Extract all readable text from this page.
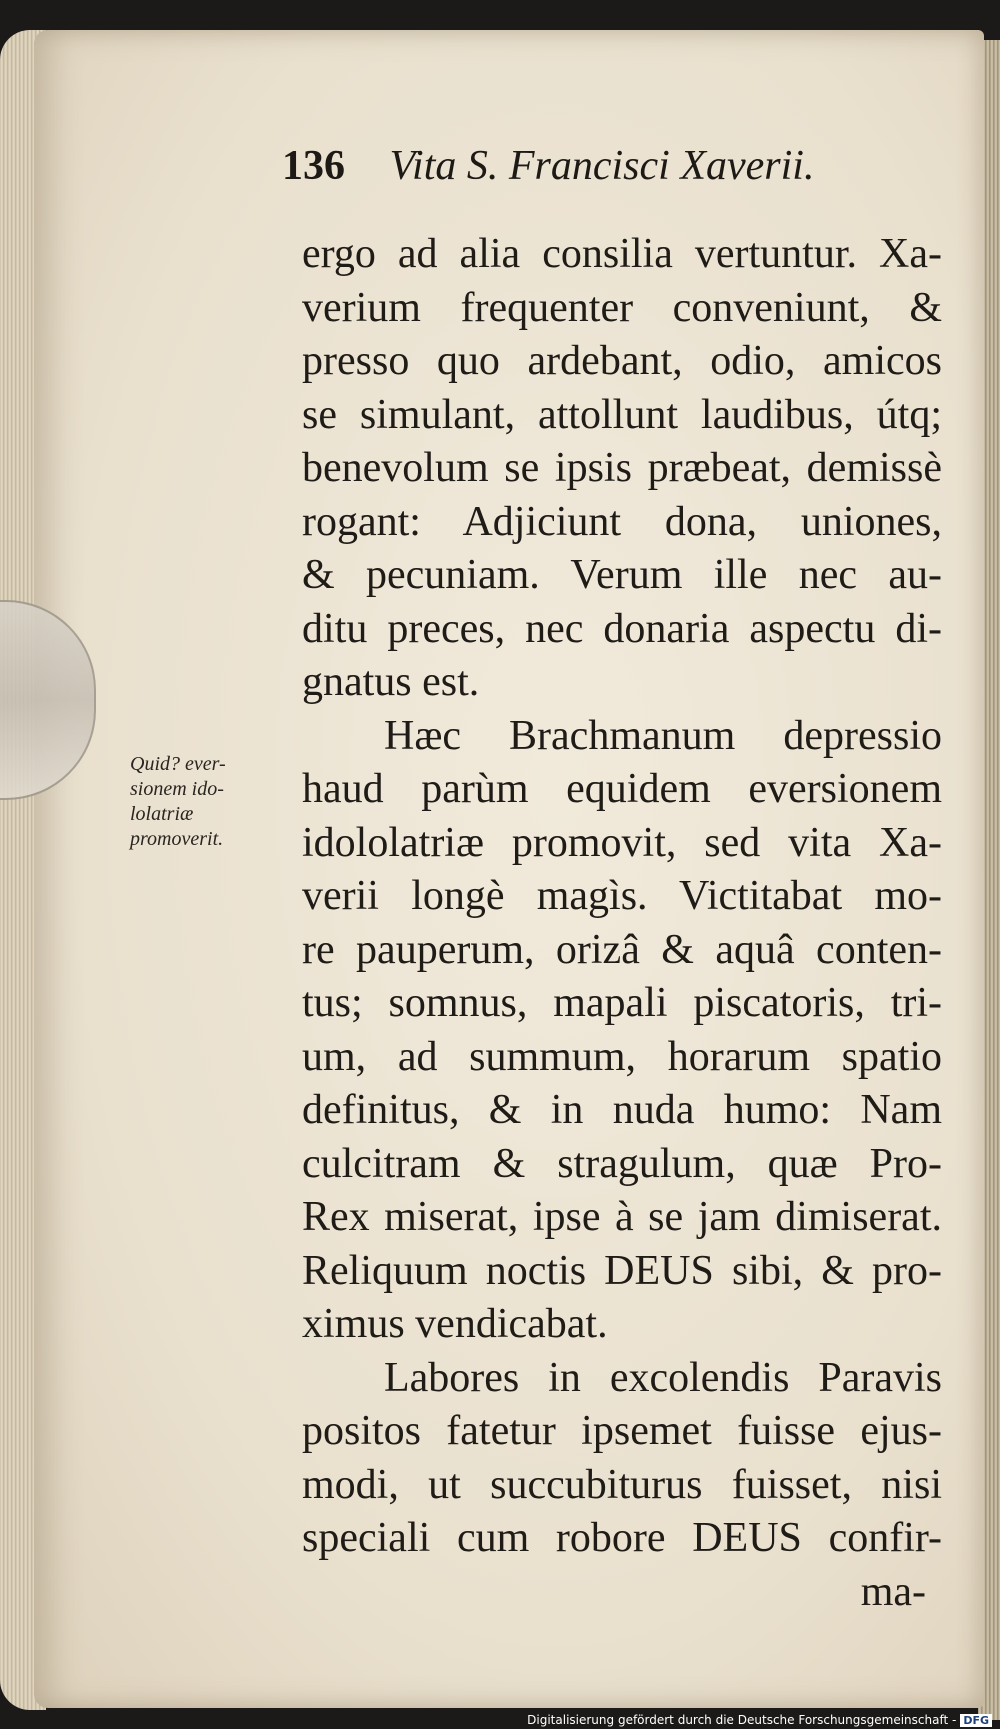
136 Vita S. Francisci Xaverii.
Quid? ever-
sionem ido-
lolatriæ
promoverit.
ergo ad alia consilia vertuntur. Xa-
verium frequenter conveniunt, &
presso quo ardebant, odio, amicos
se simulant, attollunt laudibus, útq;
benevolum se ipsis præbeat, demissè
rogant: Adjiciunt dona, uniones,
& pecuniam. Verum ille nec au-
ditu preces, nec donaria aspectu di-
gnatus est.
Hæc Brachmanum depressio
haud parùm equidem eversionem
idololatriæ promovit, sed vita Xa-
verii longè magìs. Victitabat mo-
re pauperum, orizâ & aquâ conten-
tus; somnus, mapali piscatoris, tri-
um, ad summum, horarum spatio
definitus, & in nuda humo: Nam
culcitram & stragulum, quæ Pro-
Rex miserat, ipse à se jam dimiserat.
Reliquum noctis DEUS sibi, & pro-
ximus vendicabat.
Labores in excolendis Paravis
positos fatetur ipsemet fuisse ejus-
modi, ut succubiturus fuisset, nisi
speciali cum robore DEUS confir-
ma-
Digitalisierung gefördert durch die Deutsche Forschungsgemeinschaft - DFG
